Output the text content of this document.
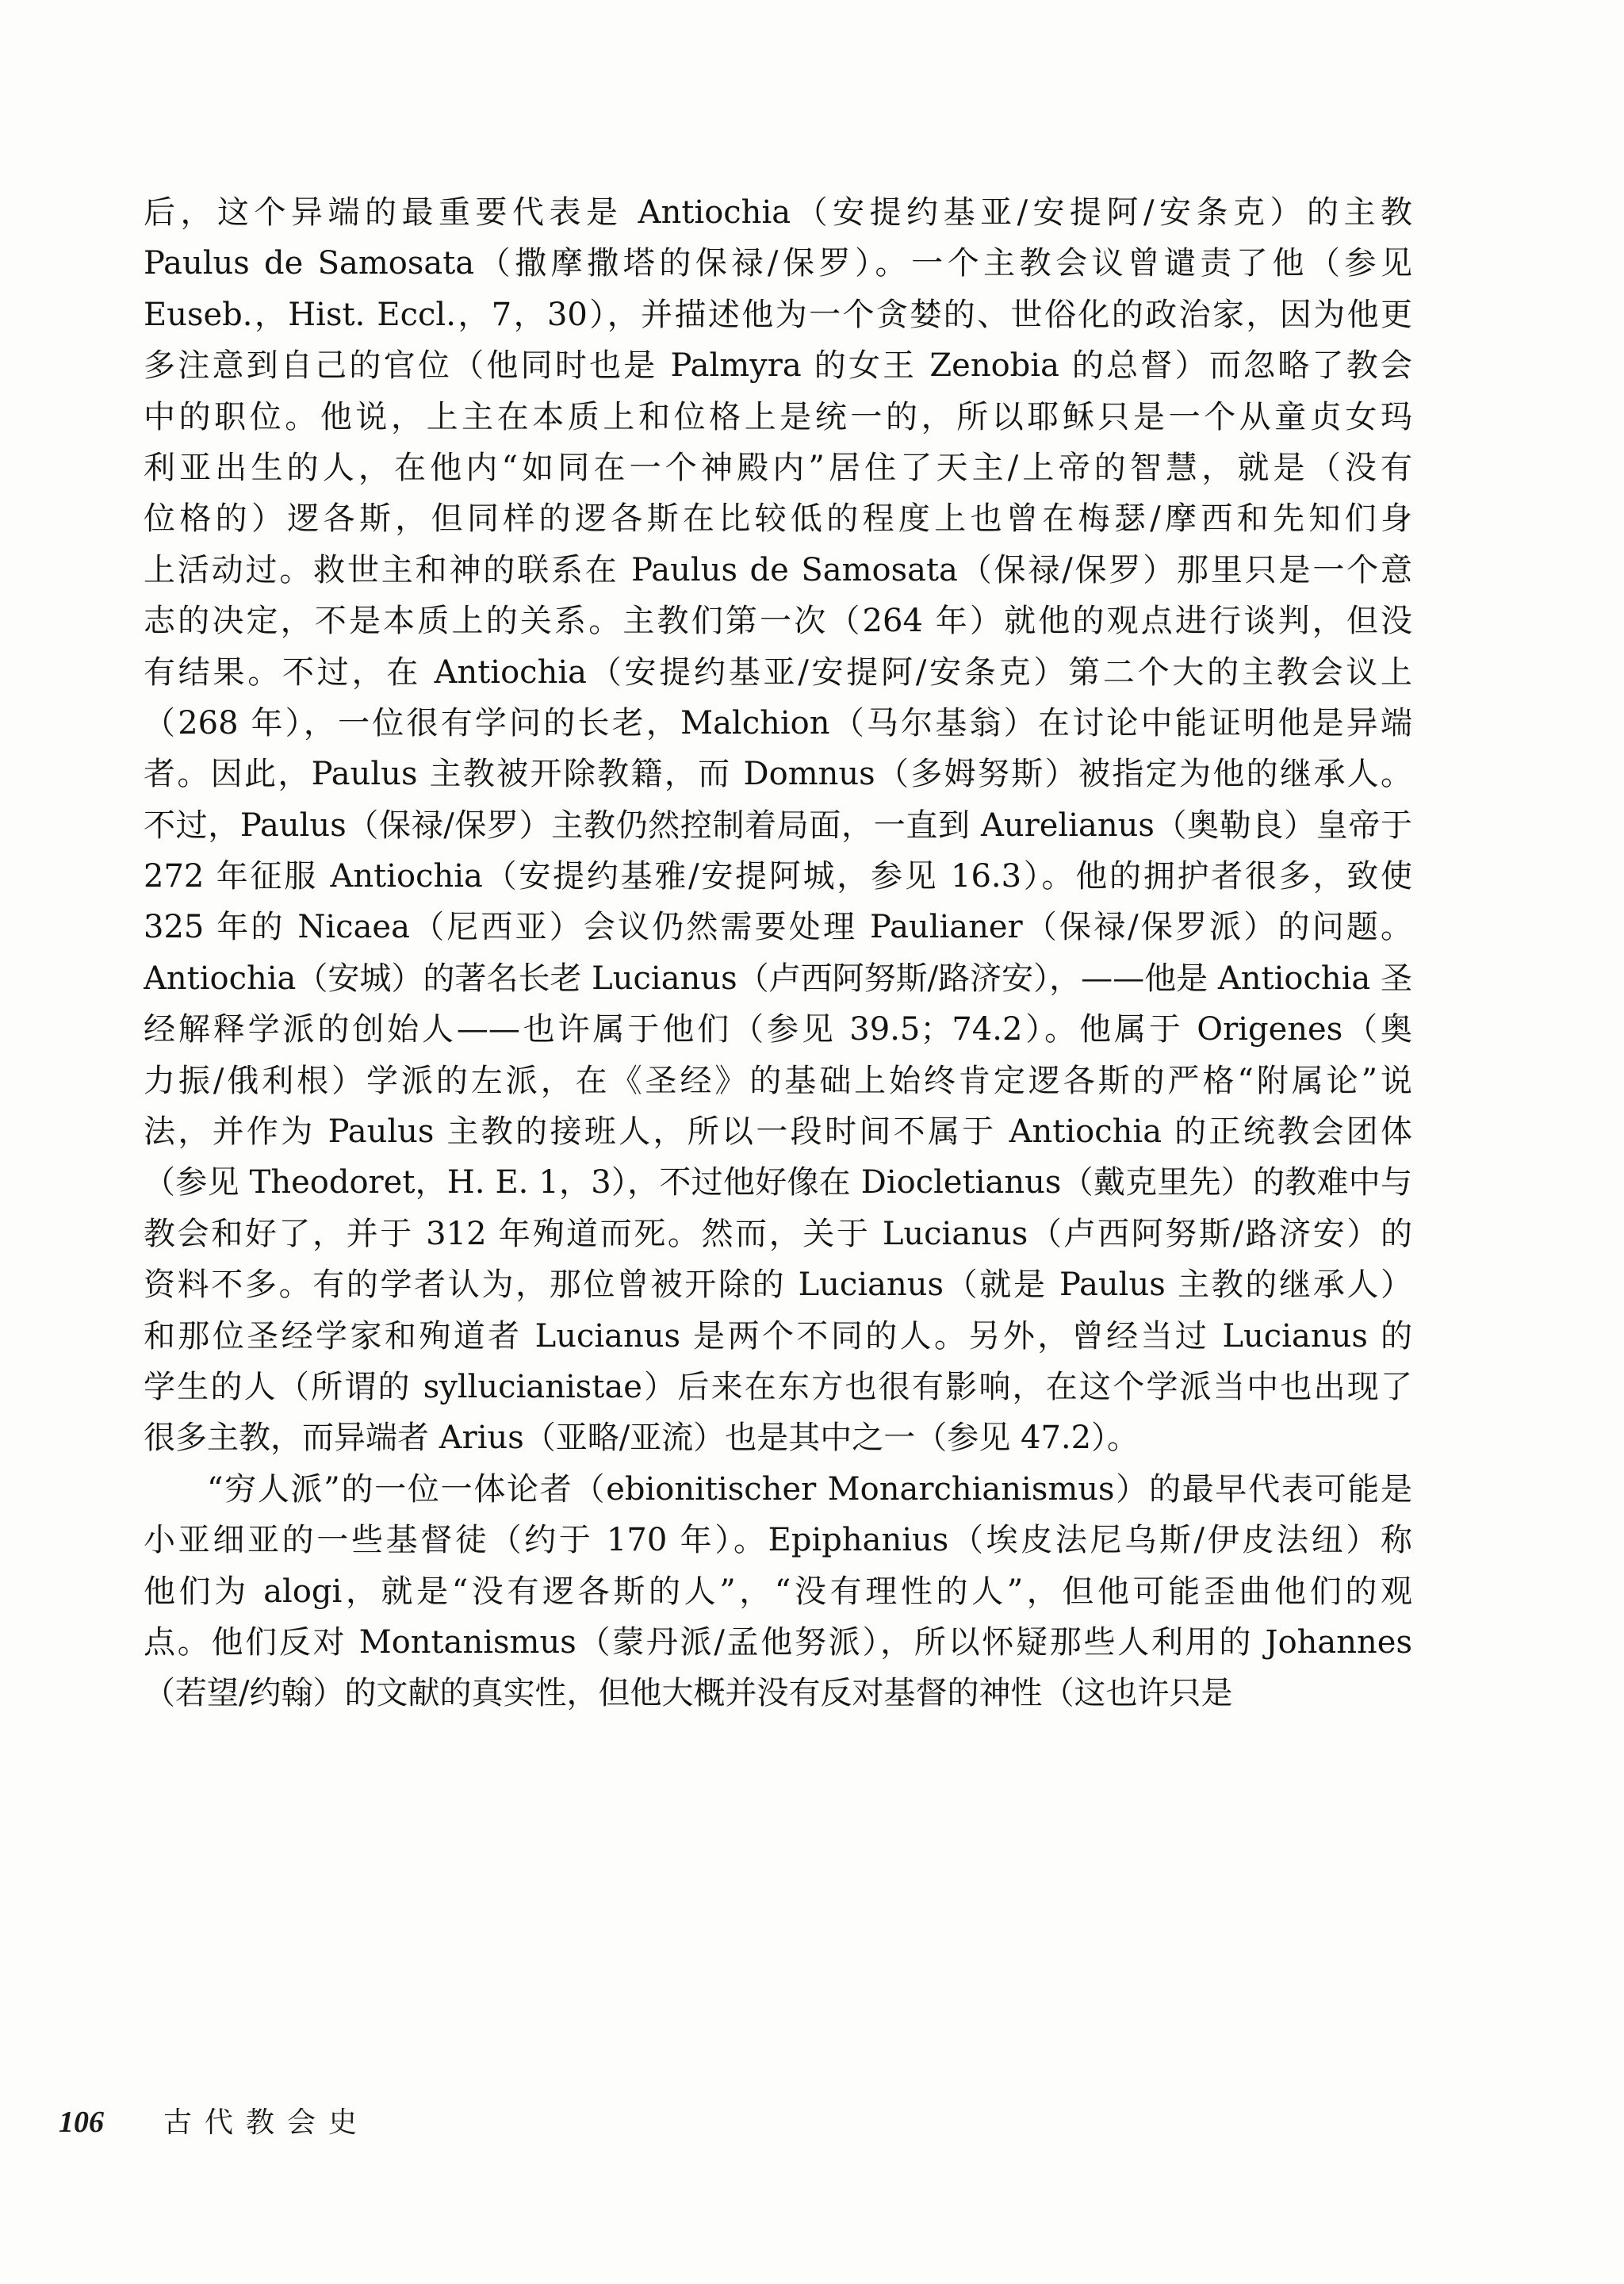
后，这个异端的最重要代表是 Antiochia（安提约基亚/安提阿/安条克）的主教
Paulus de Samosata（撒摩撒塔的保禄/保罗）。一个主教会议曾谴责了他（参见
Euseb.，Hist. Eccl.，7，30），并描述他为一个贪婪的、世俗化的政治家，因为他更
多注意到自己的官位（他同时也是 Palmyra 的女王 Zenobia 的总督）而忽略了教会
中的职位。他说，上主在本质上和位格上是统一的，所以耶稣只是一个从童贞女玛
利亚出生的人，在他内“如同在一个神殿内”居住了天主/上帝的智慧，就是（没有
位格的）逻各斯，但同样的逻各斯在比较低的程度上也曾在梅瑟/摩西和先知们身
上活动过。救世主和神的联系在 Paulus de Samosata（保禄/保罗）那里只是一个意
志的决定，不是本质上的关系。主教们第一次（264 年）就他的观点进行谈判，但没
有结果。不过，在 Antiochia（安提约基亚/安提阿/安条克）第二个大的主教会议上
（268 年），一位很有学问的长老，Malchion（马尔基翁）在讨论中能证明他是异端
者。因此，Paulus 主教被开除教籍，而 Domnus（多姆努斯）被指定为他的继承人。
不过，Paulus（保禄/保罗）主教仍然控制着局面，一直到 Aurelianus（奥勒良）皇帝于
272 年征服 Antiochia（安提约基雅/安提阿城，参见 16.3）。他的拥护者很多，致使
325 年的 Nicaea（尼西亚）会议仍然需要处理 Paulianer（保禄/保罗派）的问题。
Antiochia（安城）的著名长老 Lucianus（卢西阿努斯/路济安），——他是 Antiochia 圣
经解释学派的创始人——也许属于他们（参见 39.5；74.2）。他属于 Origenes（奥
力振/俄利根）学派的左派，在《圣经》的基础上始终肯定逻各斯的严格“附属论”说
法，并作为 Paulus 主教的接班人，所以一段时间不属于 Antiochia 的正统教会团体
（参见 Theodoret，H. E. 1，3），不过他好像在 Diocletianus（戴克里先）的教难中与
教会和好了，并于 312 年殉道而死。然而，关于 Lucianus（卢西阿努斯/路济安）的
资料不多。有的学者认为，那位曾被开除的 Lucianus（就是 Paulus 主教的继承人）
和那位圣经学家和殉道者 Lucianus 是两个不同的人。另外，曾经当过 Lucianus 的
学生的人（所谓的 syllucianistae）后来在东方也很有影响，在这个学派当中也出现了
很多主教，而异端者 Arius（亚略/亚流）也是其中之一（参见 47.2）。
“穷人派”的一位一体论者（ebionitischer Monarchianismus）的最早代表可能是
小亚细亚的一些基督徒（约于 170 年）。Epiphanius（埃皮法尼乌斯/伊皮法纽）称
他们为 alogi，就是“没有逻各斯的人”，“没有理性的人”，但他可能歪曲他们的观
点。他们反对 Montanismus（蒙丹派/孟他努派），所以怀疑那些人利用的 Johannes
（若望/约翰）的文献的真实性，但他大概并没有反对基督的神性（这也许只是
106 古代教会史
